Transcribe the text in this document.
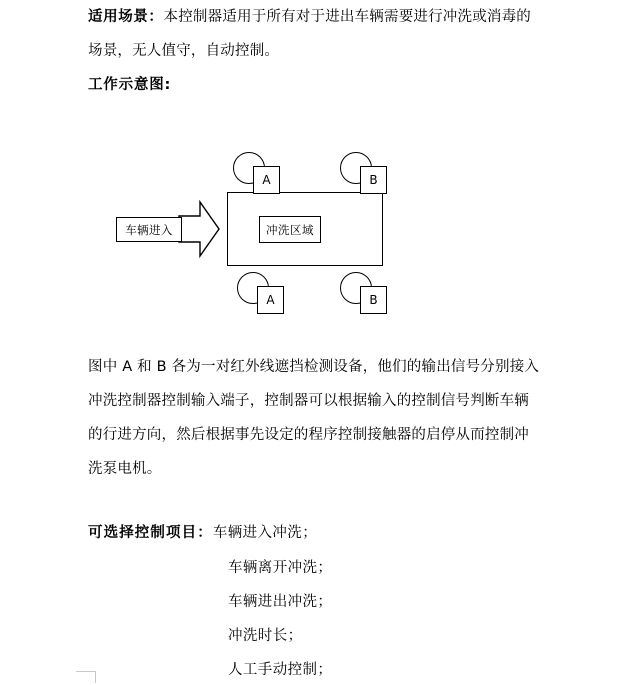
适用场景：本控制器适用于所有对于进出车辆需要进行冲洗或消毒的场景，无人值守，自动控制。
工作示意图:
冲洗区域
车辆进入
A	B
A	B
图中 A 和 B 各为一对红外线遮挡检测设备，他们的输出信号分别接入冲洗控制器控制输入端子，控制器可以根据输入的控制信号判断车辆的行进方向，然后根据事先设定的程序控制接触器的启停从而控制冲洗泵电机。
可选择控制项目：车辆进入冲洗；
车辆离开冲洗；
车辆进出冲洗；
冲洗时长；
人工手动控制；
